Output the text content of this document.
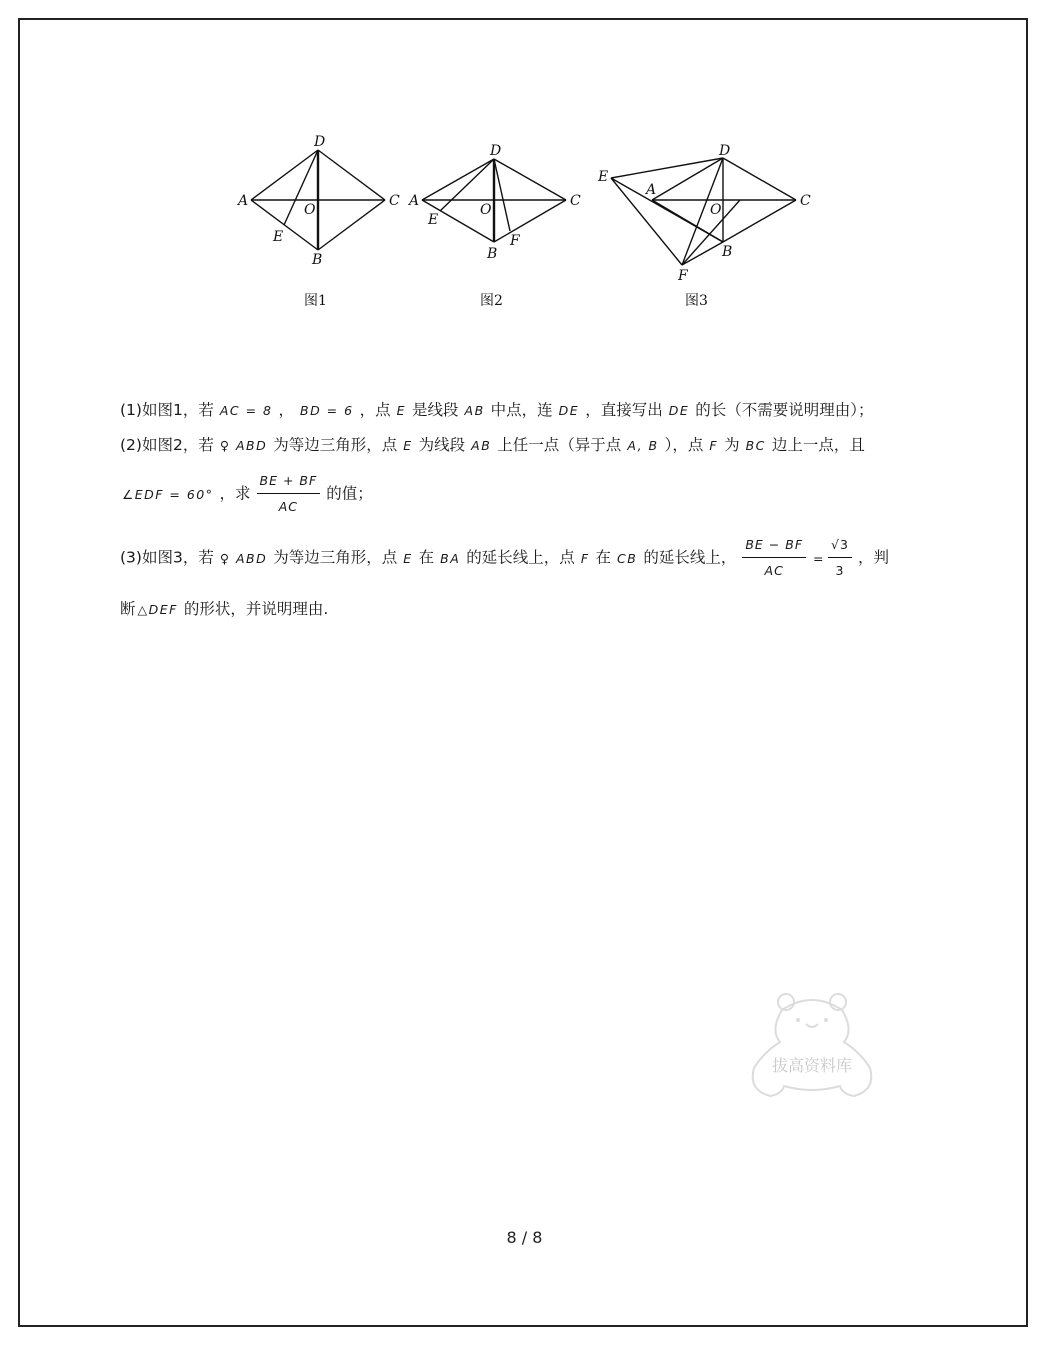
D
A
O
C
E
B
图1
D
A
O
C
E
B
F
图2
E
A
D
O
C
B
F
图3
(1)如图1，若 AC = 8 ， BD = 6 ，点 E 是线段 AB 中点，连 DE ，直接写出 DE 的长（不需要说明理由）；
(2)如图2，若 ♀ ABD 为等边三角形，点 E 为线段 AB 上任一点（异于点 A, B ），点 F 为 BC 边上一点，且
∠EDF = 60° ，求 $\frac{BE + BF}{AC}$ 的值；
(3)如图3，若 ♀ ABD 为等边三角形，点 E 在 BA 的延长线上，点 F 在 CB 的延长线上， $\frac{BE - BF}{AC} = \frac{√3}{3}$ ，判
断 △DEF 的形状，并说明理由.
拔高资料库
8 / 8
